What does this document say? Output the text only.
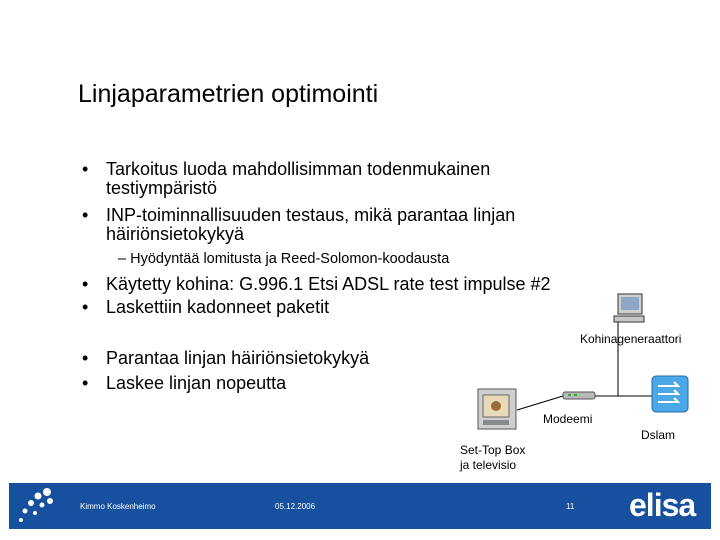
Linjaparametrien optimointi
• Tarkoitus luoda mahdollisimman todenmukainen
testiympäristö
• INP-toiminnallisuuden testaus, mikä parantaa linjan
häiriönsietokykyä
– Hyödyntää lomitusta ja Reed-Solomon-koodausta
• Käytetty kohina: G.996.1 Etsi ADSL rate test impulse #2
• Laskettiin kadonneet paketit
• Parantaa linjan häiriönsietokykyä
• Laskee linjan nopeutta
Kohinageneraattori
Modeemi
Dslam
Set-Top Box
ja televisio
Kimmo Koskenheimo	05.12.2006	11 elisa
